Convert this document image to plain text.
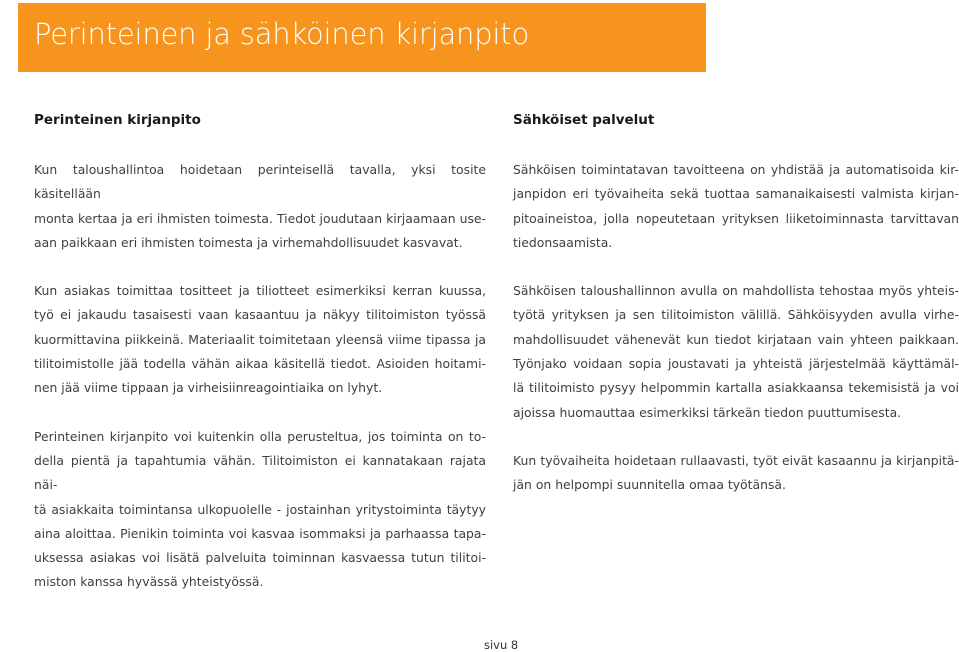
Perinteinen ja sähköinen kirjanpito
Perinteinen kirjanpito

Kun taloushallintoa hoidetaan perinteisellä tavalla, yksi tosite käsitellään
monta kertaa ja eri ihmisten toimesta. Tiedot joudutaan kirjaamaan use-
aan paikkaan eri ihmisten toimesta ja virhemahdollisuudet kasvavat.

Kun asiakas toimittaa tositteet ja tiliotteet esimerkiksi kerran kuussa,
työ ei jakaudu tasaisesti vaan kasaantuu ja näkyy tilitoimiston työssä
kuormittavina piikkeinä. Materiaalit toimitetaan yleensä viime tipassa ja
tilitoimistolle jää todella vähän aikaa käsitellä tiedot. Asioiden hoitami-
nen jää viime tippaan ja virheisiinreagointiaika on lyhyt.

Perinteinen kirjanpito voi kuitenkin olla perusteltua, jos toiminta on to-
della pientä ja tapahtumia vähän. Tilitoimiston ei kannatakaan rajata näi-
tä asiakkaita toimintansa ulkopuolelle - jostainhan yritystoiminta täytyy
aina aloittaa. Pienikin toiminta voi kasvaa isommaksi ja parhaassa tapa-
uksessa asiakas voi lisätä palveluita toiminnan kasvaessa tutun tilitoi-
miston kanssa hyvässä yhteistyössä.

Sähköiset palvelut

Sähköisen toimintatavan tavoitteena on yhdistää ja automatisoida kir-
janpidon eri työvaiheita sekä tuottaa samanaikaisesti valmista kirjan-
pitoaineistoa, jolla nopeutetaan yrityksen liiketoiminnasta tarvittavan
tiedonsaamista.

Sähköisen taloushallinnon avulla on mahdollista tehostaa myös yhteis-
työtä yrityksen ja sen tilitoimiston välillä. Sähköisyyden avulla virhe-
mahdollisuudet vähenevät kun tiedot kirjataan vain yhteen paikkaan.
Työnjako voidaan sopia joustavati ja yhteistä järjestelmää käyttämäl-
lä tilitoimisto pysyy helpommin kartalla asiakkaansa tekemisistä ja voi
ajoissa huomauttaa esimerkiksi tärkeän tiedon puuttumisesta.

Kun työvaiheita hoidetaan rullaavasti, työt eivät kasaannu ja kirjanpitä-
jän on helpompi suunnitella omaa työtänsä.

sivu 8
